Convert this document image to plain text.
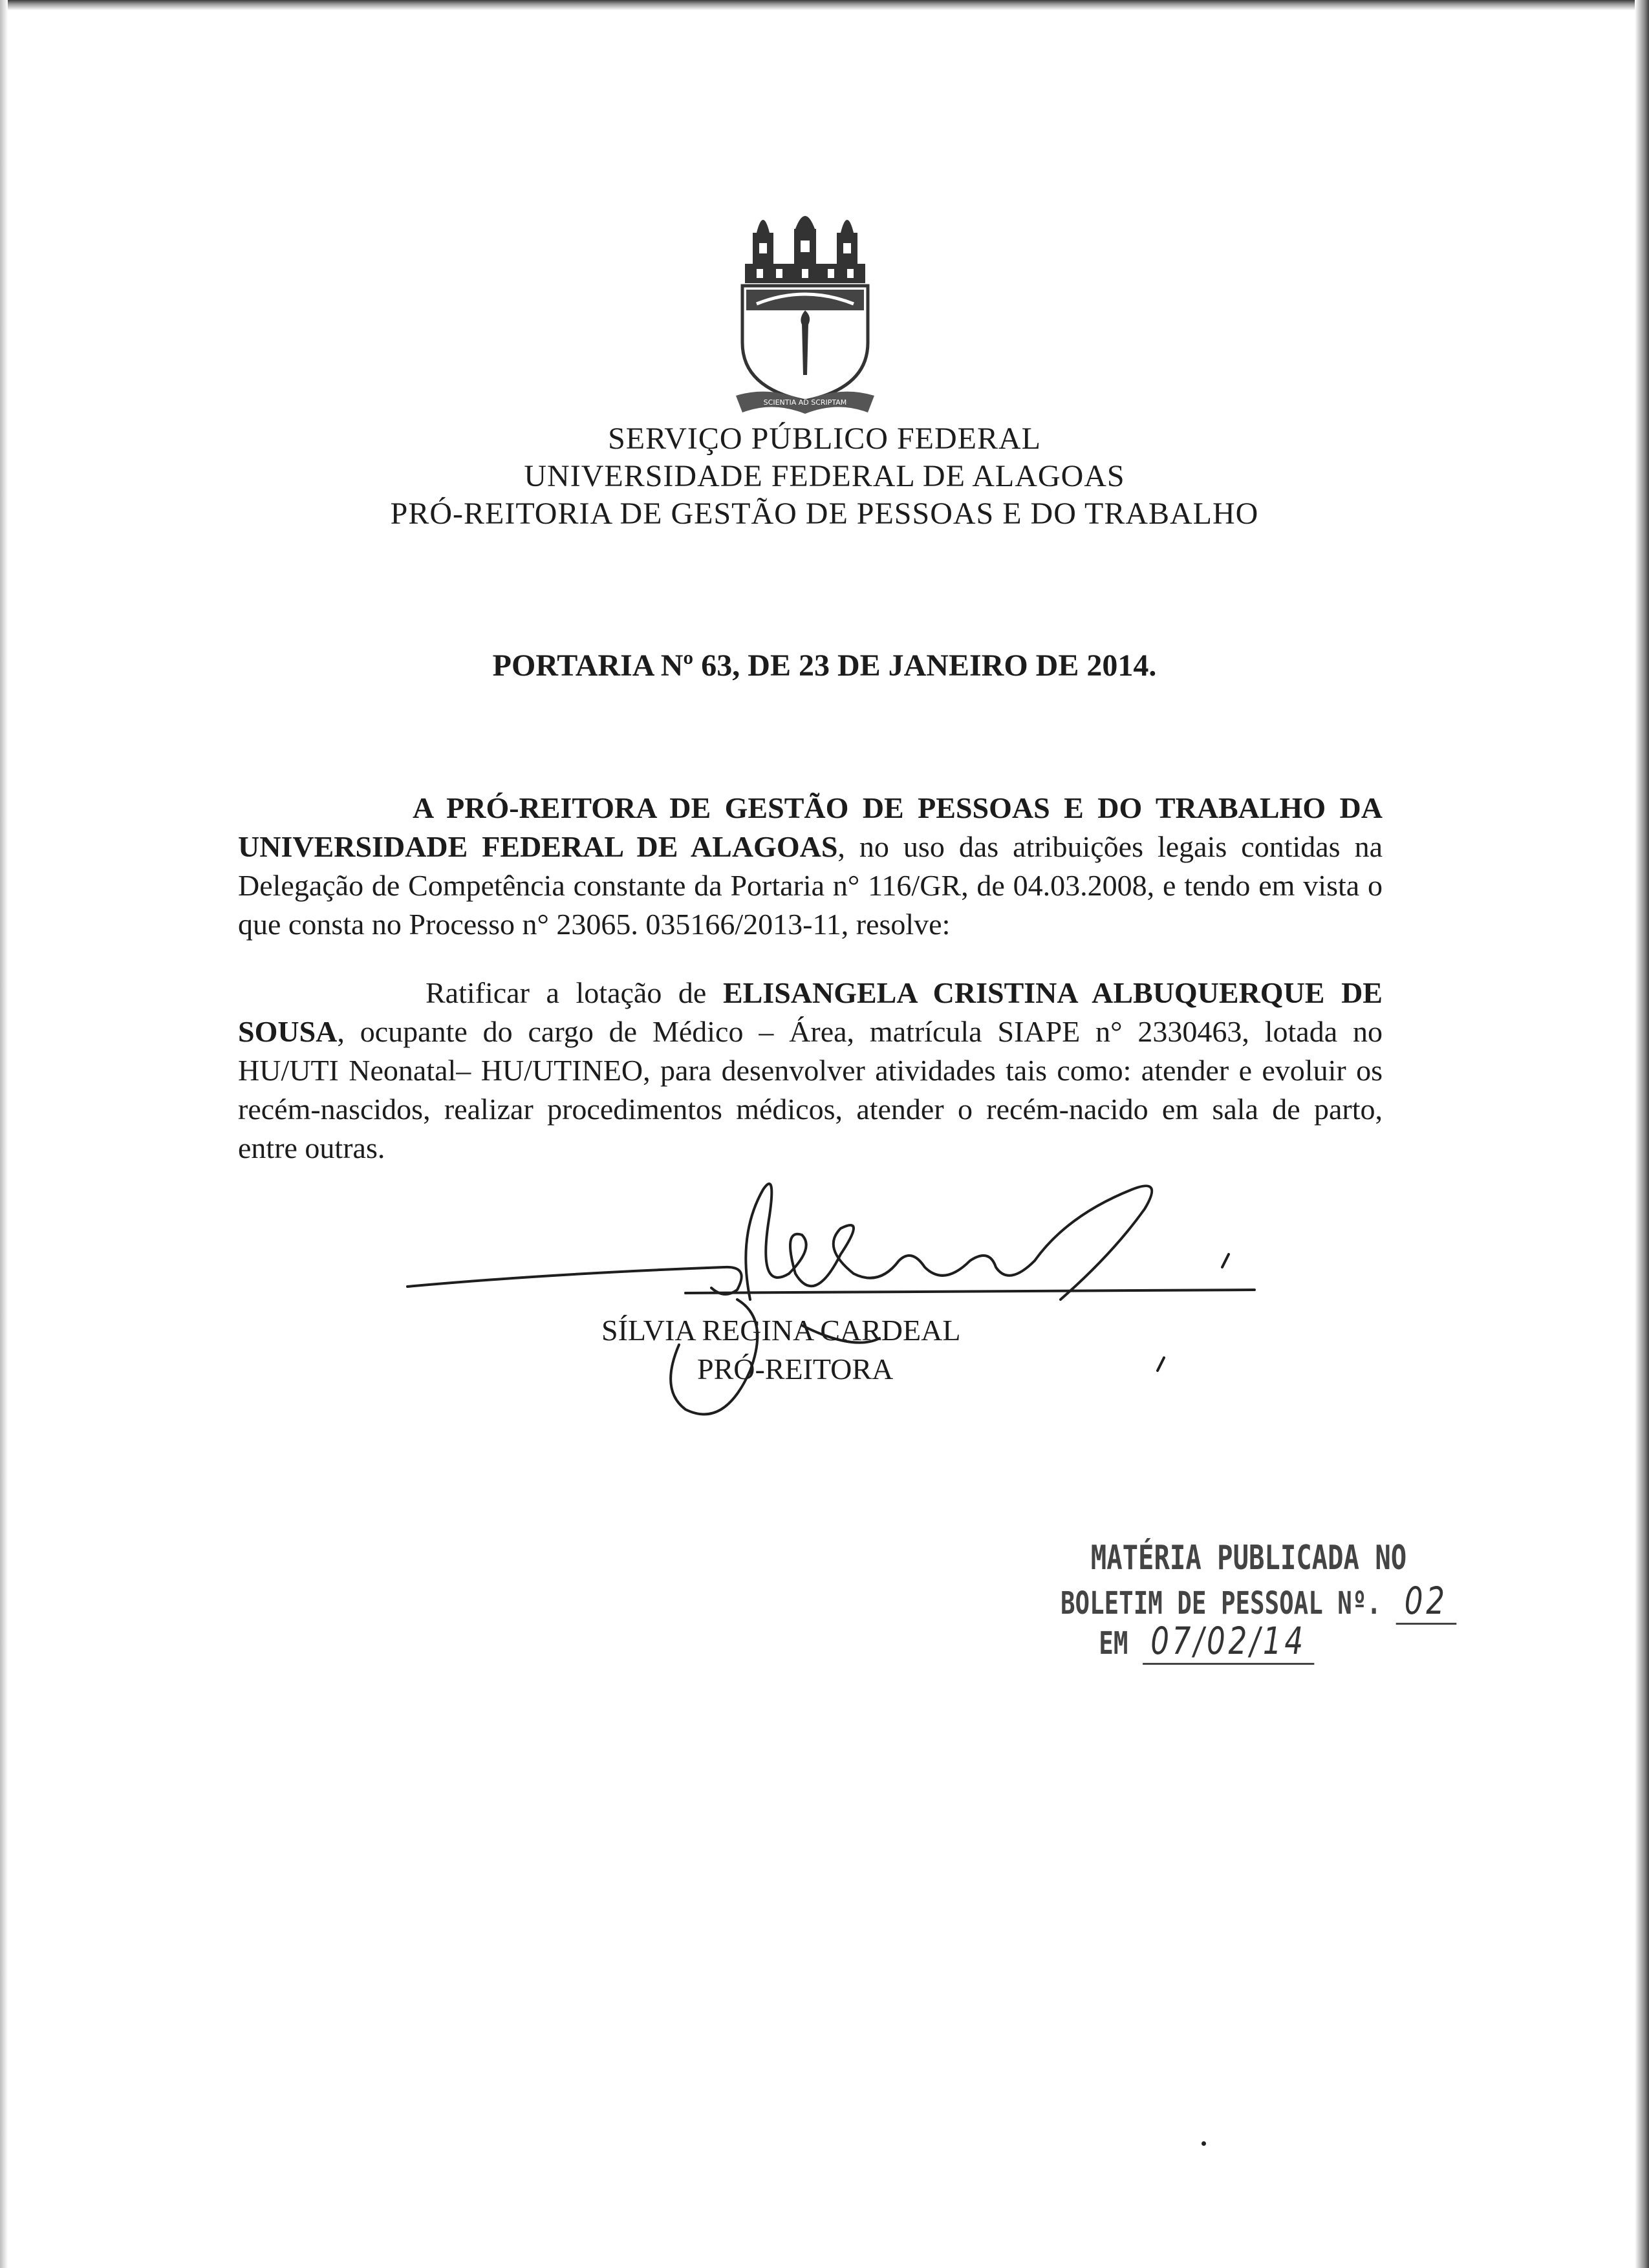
SCIENTIA AD SCRIPTAM
SERVIÇO PÚBLICO FEDERAL
UNIVERSIDADE FEDERAL DE ALAGOAS
PRÓ-REITORIA DE GESTÃO DE PESSOAS E DO TRABALHO
PORTARIA Nº 63, DE 23 DE JANEIRO DE 2014.
A PRÓ-REITORA DE GESTÃO DE PESSOAS E DO TRABALHO DA UNIVERSIDADE FEDERAL DE ALAGOAS, no uso das atribuições legais contidas na Delegação de Competência constante da Portaria n° 116/GR, de 04.03.2008, e tendo em vista o que consta no Processo n° 23065. 035166/2013-11, resolve:
Ratificar a lotação de ELISANGELA CRISTINA ALBUQUERQUE DE SOUSA, ocupante do cargo de Médico – Área, matrícula SIAPE n° 2330463, lotada no HU/UTI Neonatal– HU/UTINEO, para desenvolver atividades tais como: atender e evoluir os recém-nascidos, realizar procedimentos médicos, atender o recém-nacido em sala de parto, entre outras.
SÍLVIA REGINA CARDEAL
PRÓ-REITORA
MATÉRIA PUBLICADA NO
BOLETIM DE PESSOAL Nº. 02
EM 07/02/14
